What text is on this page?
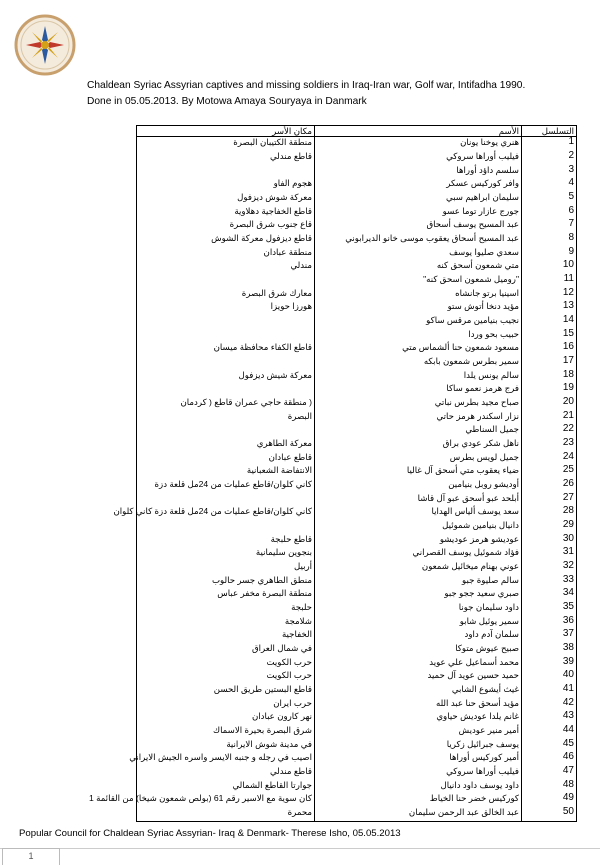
Chaldean Syriac Assyrian captives and missing soldiers in Iraq-Iran war, Golf war, Intifadha 1990.
Done in 05.05.2013. By Motowa Amaya Souryaya in Danmark
مكان الأسر	الأسم	التسلسل
منطقة الكتيبان البصرة	هنري يوخنا يونان	1
قاطع مندلي	فيليب أوراها سروكي	2
	سلسم داؤد أوراها	3
هجوم الفاو	وافر كوركيس عسكر	4
معركة شوش ديزفول	سليمان ابراهيم سبي	5
قاطع الخفاجية دهلاوية	جورج عازار توما عسو	6
قاع جنوب شرق البصرة	عبد المسيح يوسف أسحاق	7
قاطع ديزفول معركة الشوش	عبد المسيح أسحاق يعقوب موسى خانو الديرابوني	8
منطقة عبادان	سعدي صليوا يوسف	9
مندلي	متي شمعون أسحق كنه	10
	"روميل شمعون اسحق كنه"	11
معارك شرق البصرة	اسينيا برتو جانشاه	12
هورزا حويزا	مؤيد دنخا أتوش ستو	13
	نجيب بنيامين مرقس ساكو	14
	حبيب بحو وردا	15
قاطع الكفاء محافظة ميسان	مسعود شمعون حنا ألشماس متي	16
	سمير بطرس شمعون بابكه	17
معركة شيش ديزفول	سالم يونس يلدا	18
	فرج هرمز نعمو ساكا	19
( منطقة حاجي عمران قاطع ( كردمان	صباح مجيد بطرس نباتي	20
البصرة	نزار اسكندر هرمز حاتي	21
	جميل السناطي	22
معركة الطاهري	ناهل شكر عودي براق	23
قاطع عبادان	جميل لويس بطرس	24
الانتفاضة الشعبانية	ضياء يعقوب متي أسحق آل غاليا	25
كاني كلوان/قاطع عمليات من 24مل قلعة دزة	أوديشو روبل بنيامين	26
	أبلحد عبو أسحق عبو آل قاشا	27
كاني كلوان/قاطع عمليات من 24مل قلعة دزة كاني كلوان	سعد يوسف ألياس الهدايا	28
	دانيال بنيامين شموئيل	29
قاطع حلبجة	عوديشو هرمز عوديشو	30
بنجوين سليمانية	فؤاد شموئيل يوسف القصراني	31
أربيل	عوني بهنام ميخائيل شمعون	32
منطق الطاهري جسر حالوب	سالم صليوة جبو	33
منطقة البصرة مخفر عباس	صبري سعيد ججو جبو	34
حلبجة	داود سليمان جونا	35
شلامجة	سمير يوئيل شابو	36
الخفاجية	سلمان آدم داود	37
في شمال العراق	صبيح عيوش متوكا	38
حرب الكويت	محمد أسماعيل علي عويد	39
حرب الكويت	حميد حسين عويد آل حميد	40
قاطع البستين طريق الحسن	غيث أيشوع الشابي	41
حرب ايران	مؤيد أسحق حنا عبد الله	42
نهر كارون عبادان	غانم يلدا عوديش حياوي	43
شرق البصرة بحيرة الاسماك	أمير منير عوديش	44
في مدينة شوش الايرانية	يوسف جبرائيل زكريا	45
اصيب في رجله و جنبه الايسر واسره الجيش الايراني	أمير كوركيس أوراها	46
قاطع مندلي	فيليب أوراها سروكي	47
جوارتا القاطع الشمالي	داود يوسف داود دانيال	48
كان سوية مع الاسير رقم 61 (بولص شمعون شيخا) من القائمة 1	كوركيس خضر حنا الخياط	49
محمرة	عبد الخالق عبد الرحمن سليمان	50
Popular Council for Chaldean Syriac Assyrian- Iraq & Denmark- Therese Isho, 05.05.2013
1
